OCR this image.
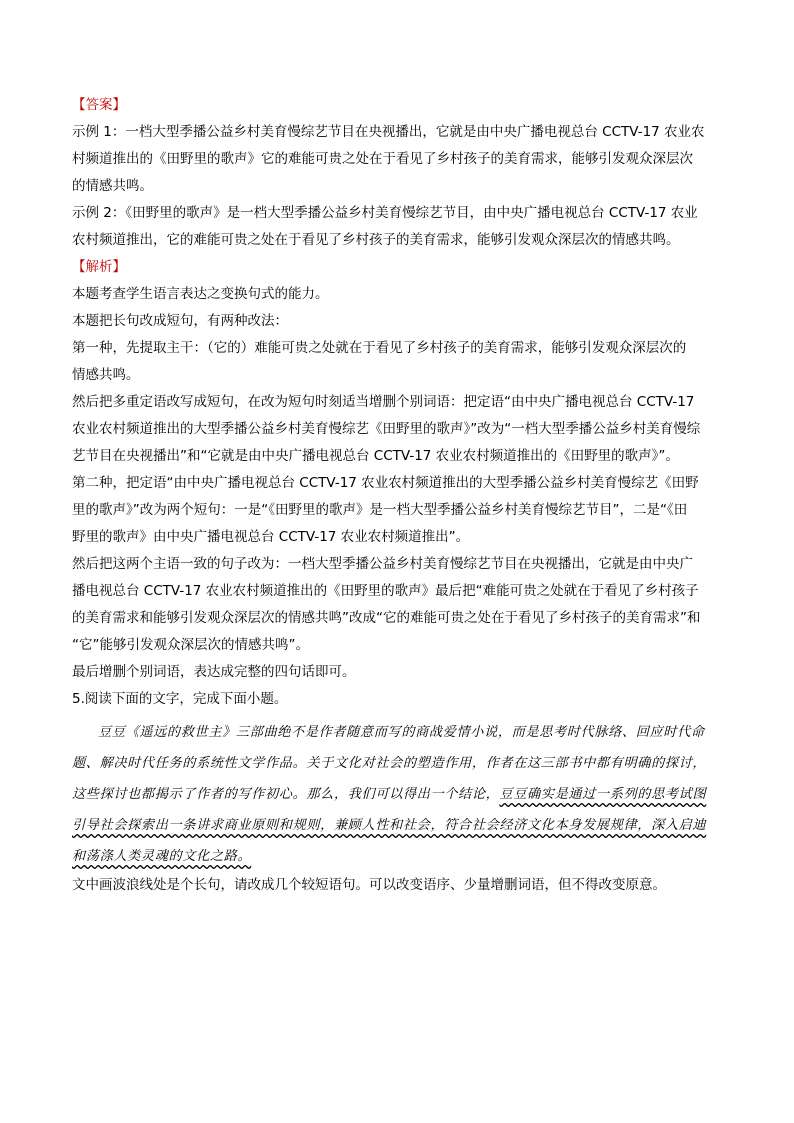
【答案】
示例 1：一档大型季播公益乡村美育慢综艺节目在央视播出，它就是由中央广播电视总台 CCTV-17 农业农
村频道推出的《田野里的歌声》它的难能可贵之处在于看见了乡村孩子的美育需求，能够引发观众深层次
的情感共鸣。
示例 2：《田野里的歌声》是一档大型季播公益乡村美育慢综艺节目，由中央广播电视总台 CCTV-17 农业
农村频道推出，它的难能可贵之处在于看见了乡村孩子的美育需求，能够引发观众深层次的情感共鸣。
【解析】
本题考查学生语言表达之变换句式的能力。
本题把长句改成短句，有两种改法：
第一种，先提取主干：（它的）难能可贵之处就在于看见了乡村孩子的美育需求，能够引发观众深层次的
情感共鸣。
然后把多重定语改写成短句，在改为短句时刻适当增删个别词语：把定语“由中央广播电视总台 CCTV-17
农业农村频道推出的大型季播公益乡村美育慢综艺《田野里的歌声》”改为“一档大型季播公益乡村美育慢综
艺节目在央视播出”和“它就是由中央广播电视总台 CCTV-17 农业农村频道推出的《田野里的歌声》”。
第二种，把定语“由中央广播电视总台 CCTV-17 农业农村频道推出的大型季播公益乡村美育慢综艺《田野
里的歌声》”改为两个短句：一是“《田野里的歌声》是一档大型季播公益乡村美育慢综艺节目”，二是“《田
野里的歌声》由中央广播电视总台 CCTV-17 农业农村频道推出”。
然后把这两个主语一致的句子改为：一档大型季播公益乡村美育慢综艺节目在央视播出，它就是由中央广
播电视总台 CCTV-17 农业农村频道推出的《田野里的歌声》最后把“难能可贵之处就在于看见了乡村孩子
的美育需求和能够引发观众深层次的情感共鸣”改成“它的难能可贵之处在于看见了乡村孩子的美育需求”和
“它”能够引发观众深层次的情感共鸣”。
最后增删个别词语，表达成完整的四句话即可。
5.阅读下面的文字，完成下面小题。
豆豆《遥远的救世主》三部曲绝不是作者随意而写的商战爱情小说，而是思考时代脉络、回应时代命
题、解决时代任务的系统性文学作品。关于文化对社会的塑造作用，作者在这三部书中都有明确的探讨，
这些探讨也都揭示了作者的写作初心。那么，我们可以得出一个结论，豆豆确实是通过一系列的思考试图
引导社会探索出一条讲求商业原则和规则，兼顾人性和社会，符合社会经济文化本身发展规律，深入启迪
和荡涤人类灵魂的文化之路。
文中画波浪线处是个长句，请改成几个较短语句。可以改变语序、少量增删词语，但不得改变原意。
